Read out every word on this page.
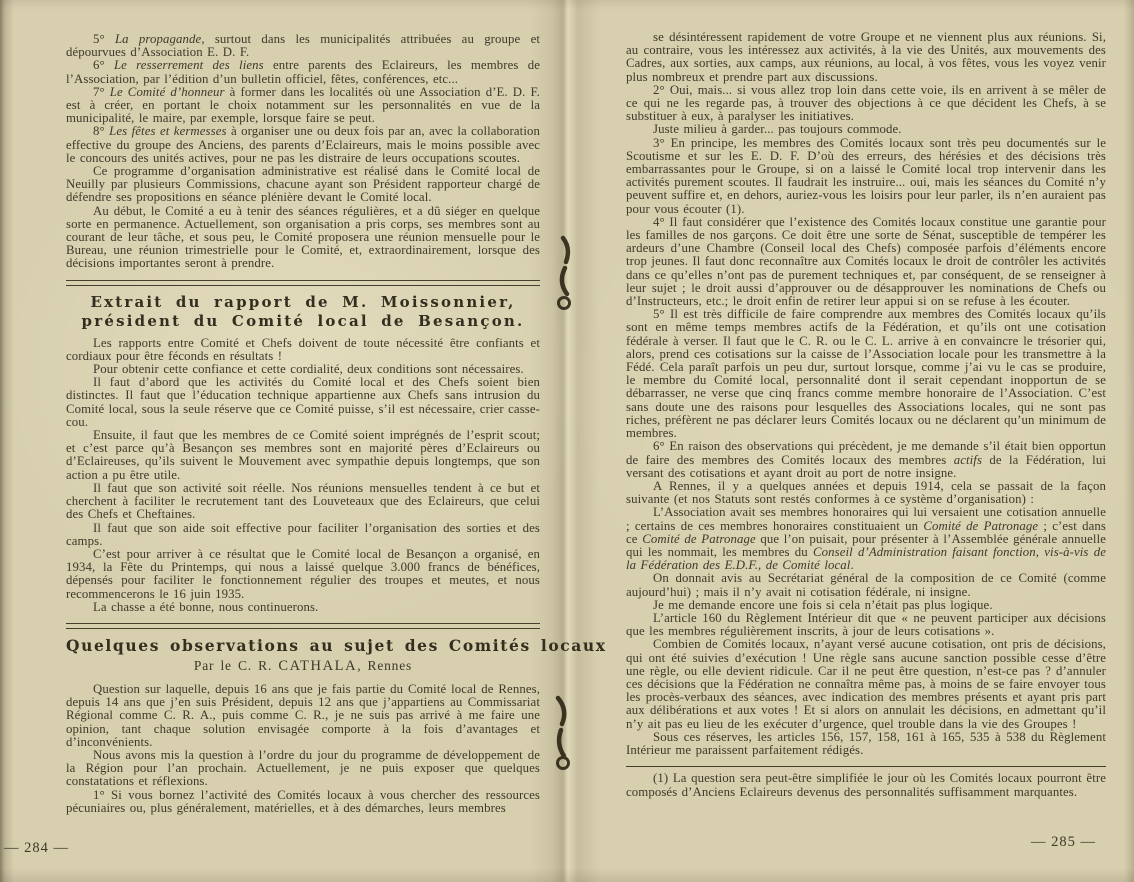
5° La propagande, surtout dans les municipalités attribuées au groupe et dépourvues d’Association E. D. F.

6° Le resserrement des liens entre parents des Eclaireurs, les membres de l’Association, par l’édition d’un bulletin officiel, fêtes, conférences, etc...

7° Le Comité d’honneur à former dans les localités où une Association d’E. D. F. est à créer, en portant le choix notamment sur les personnalités en vue de la municipalité, le maire, par exemple, lorsque faire se peut.

8° Les fêtes et kermesses à organiser une ou deux fois par an, avec la collaboration effective du groupe des Anciens, des parents d’Eclaireurs, mais le moins possible avec le concours des unités actives, pour ne pas les distraire de leurs occupations scoutes.

Ce programme d’organisation administrative est réalisé dans le Comité local de Neuilly par plusieurs Commissions, chacune ayant son Président rapporteur chargé de défendre ses propositions en séance plénière devant le Comité local.

Au début, le Comité a eu à tenir des séances régulières, et a dû siéger en quelque sorte en permanence. Actuellement, son organisation a pris corps, ses membres sont au courant de leur tâche, et sous peu, le Comité proposera une réunion mensuelle pour le Bureau, une réunion trimestrielle pour le Comité, et, extraordinairement, lorsque des décisions importantes seront à prendre.

Extrait du rapport de M. Moissonnier,
président du Comité local de Besançon.

Les rapports entre Comité et Chefs doivent de toute nécessité être confiants et cordiaux pour être féconds en résultats !

Pour obtenir cette confiance et cette cordialité, deux conditions sont nécessaires.

Il faut d’abord que les activités du Comité local et des Chefs soient bien distinctes. Il faut que l’éducation technique appartienne aux Chefs sans intrusion du Comité local, sous la seule réserve que ce Comité puisse, s’il est nécessaire, crier casse-cou.

Ensuite, il faut que les membres de ce Comité soient imprégnés de l’esprit scout; et c’est parce qu’à Besançon ses membres sont en majorité pères d’Eclaireurs ou d’Eclaireuses, qu’ils suivent le Mouvement avec sympathie depuis longtemps, que son action a pu être utile.

Il faut que son activité soit réelle. Nos réunions mensuelles tendent à ce but et cherchent à faciliter le recrutement tant des Louveteaux que des Eclaireurs, que celui des Chefs et Cheftaines.

Il faut que son aide soit effective pour faciliter l’organisation des sorties et des camps.

C’est pour arriver à ce résultat que le Comité local de Besançon a organisé, en 1934, la Fête du Printemps, qui nous a laissé quelque 3.000 francs de bénéfices, dépensés pour faciliter le fonctionnement régulier des troupes et meutes, et nous recommencerons le 16 juin 1935.

La chasse a été bonne, nous continuerons.

Quelques observations au sujet des Comités locaux
Par le C. R. CATHALA, Rennes

Question sur laquelle, depuis 16 ans que je fais partie du Comité local de Rennes, depuis 14 ans que j’en suis Président, depuis 12 ans que j’appartiens au Commissariat Régional comme C. R. A., puis comme C. R., je ne suis pas arrivé à me faire une opinion, tant chaque solution envisagée comporte à la fois d’avantages et d’inconvénients.

Nous avons mis la question à l’ordre du jour du programme de développement de la Région pour l’an prochain. Actuellement, je ne puis exposer que quelques constatations et réflexions.

1° Si vous bornez l’activité des Comités locaux à vous chercher des ressources pécuniaires ou, plus généralement, matérielles, et à des démarches, leurs membres

— 284 —

se désintéressent rapidement de votre Groupe et ne viennent plus aux réunions. Si, au contraire, vous les intéressez aux activités, à la vie des Unités, aux mouvements des Cadres, aux sorties, aux camps, aux réunions, au local, à vos fêtes, vous les voyez venir plus nombreux et prendre part aux discussions.

2° Oui, mais... si vous allez trop loin dans cette voie, ils en arrivent à se mêler de ce qui ne les regarde pas, à trouver des objections à ce que décident les Chefs, à se substituer à eux, à paralyser les initiatives.

Juste milieu à garder... pas toujours commode.

3° En principe, les membres des Comités locaux sont très peu documentés sur le Scoutisme et sur les E. D. F. D’où des erreurs, des hérésies et des décisions très embarrassantes pour le Groupe, si on a laissé le Comité local trop intervenir dans les activités purement scoutes. Il faudrait les instruire... oui, mais les séances du Comité n’y peuvent suffire et, en dehors, auriez-vous les loisirs pour leur parler, ils n’en auraient pas pour vous écouter (1).

4° Il faut considérer que l’existence des Comités locaux constitue une garantie pour les familles de nos garçons. Ce doit être une sorte de Sénat, susceptible de tempérer les ardeurs d’une Chambre (Conseil local des Chefs) composée parfois d’éléments encore trop jeunes. Il faut donc reconnaître aux Comités locaux le droit de contrôler les activités dans ce qu’elles n’ont pas de purement techniques et, par conséquent, de se renseigner à leur sujet ; le droit aussi d’approuver ou de désapprouver les nominations de Chefs ou d’Instructeurs, etc.; le droit enfin de retirer leur appui si on se refuse à les écouter.

5° Il est très difficile de faire comprendre aux membres des Comités locaux qu’ils sont en même temps membres actifs de la Fédération, et qu’ils ont une cotisation fédérale à verser. Il faut que le C. R. ou le C. L. arrive à en convaincre le trésorier qui, alors, prend ces cotisations sur la caisse de l’Association locale pour les transmettre à la Fédé. Cela paraît parfois un peu dur, surtout lorsque, comme j’ai vu le cas se produire, le membre du Comité local, personnalité dont il serait cependant inopportun de se débarrasser, ne verse que cinq francs comme membre honoraire de l’Association. C’est sans doute une des raisons pour lesquelles des Associations locales, qui ne sont pas riches, préfèrent ne pas déclarer leurs Comités locaux ou ne déclarent qu’un minimum de membres.

6° En raison des observations qui précèdent, je me demande s’il était bien opportun de faire des membres des Comités locaux des membres actifs de la Fédération, lui versant des cotisations et ayant droit au port de notre insigne.

A Rennes, il y a quelques années et depuis 1914, cela se passait de la façon suivante (et nos Statuts sont restés conformes à ce système d’organisation) :

L’Association avait ses membres honoraires qui lui versaient une cotisation annuelle ; certains de ces membres honoraires constituaient un Comité de Patronage ; c’est dans ce Comité de Patronage que l’on puisait, pour présenter à l’Assemblée générale annuelle qui les nommait, les membres du Conseil d’Administration faisant fonction, vis-à-vis de la Fédération des E.D.F., de Comité local.

On donnait avis au Secrétariat général de la composition de ce Comité (comme aujourd’hui) ; mais il n’y avait ni cotisation fédérale, ni insigne.

Je me demande encore une fois si cela n’était pas plus logique.

L’article 160 du Règlement Intérieur dit que « ne peuvent participer aux décisions que les membres régulièrement inscrits, à jour de leurs cotisations ».

Combien de Comités locaux, n’ayant versé aucune cotisation, ont pris de décisions, qui ont été suivies d’exécution ! Une règle sans aucune sanction possible cesse d’être une règle, ou elle devient ridicule. Car il ne peut être question, n’est-ce pas ? d’annuler ces décisions que la Fédération ne connaîtra même pas, à moins de se faire envoyer tous les procès-verbaux des séances, avec indication des membres présents et ayant pris part aux délibérations et aux votes ! Et si alors on annulait les décisions, en admettant qu’il n’y ait pas eu lieu de les exécuter d’urgence, quel trouble dans la vie des Groupes !

Sous ces réserves, les articles 156, 157, 158, 161 à 165, 535 à 538 du Règlement Intérieur me paraissent parfaitement rédigés.

(1) La question sera peut-être simplifiée le jour où les Comités locaux pourront être composés d’Anciens Eclaireurs devenus des personnalités suffisamment marquantes.

— 285 —
